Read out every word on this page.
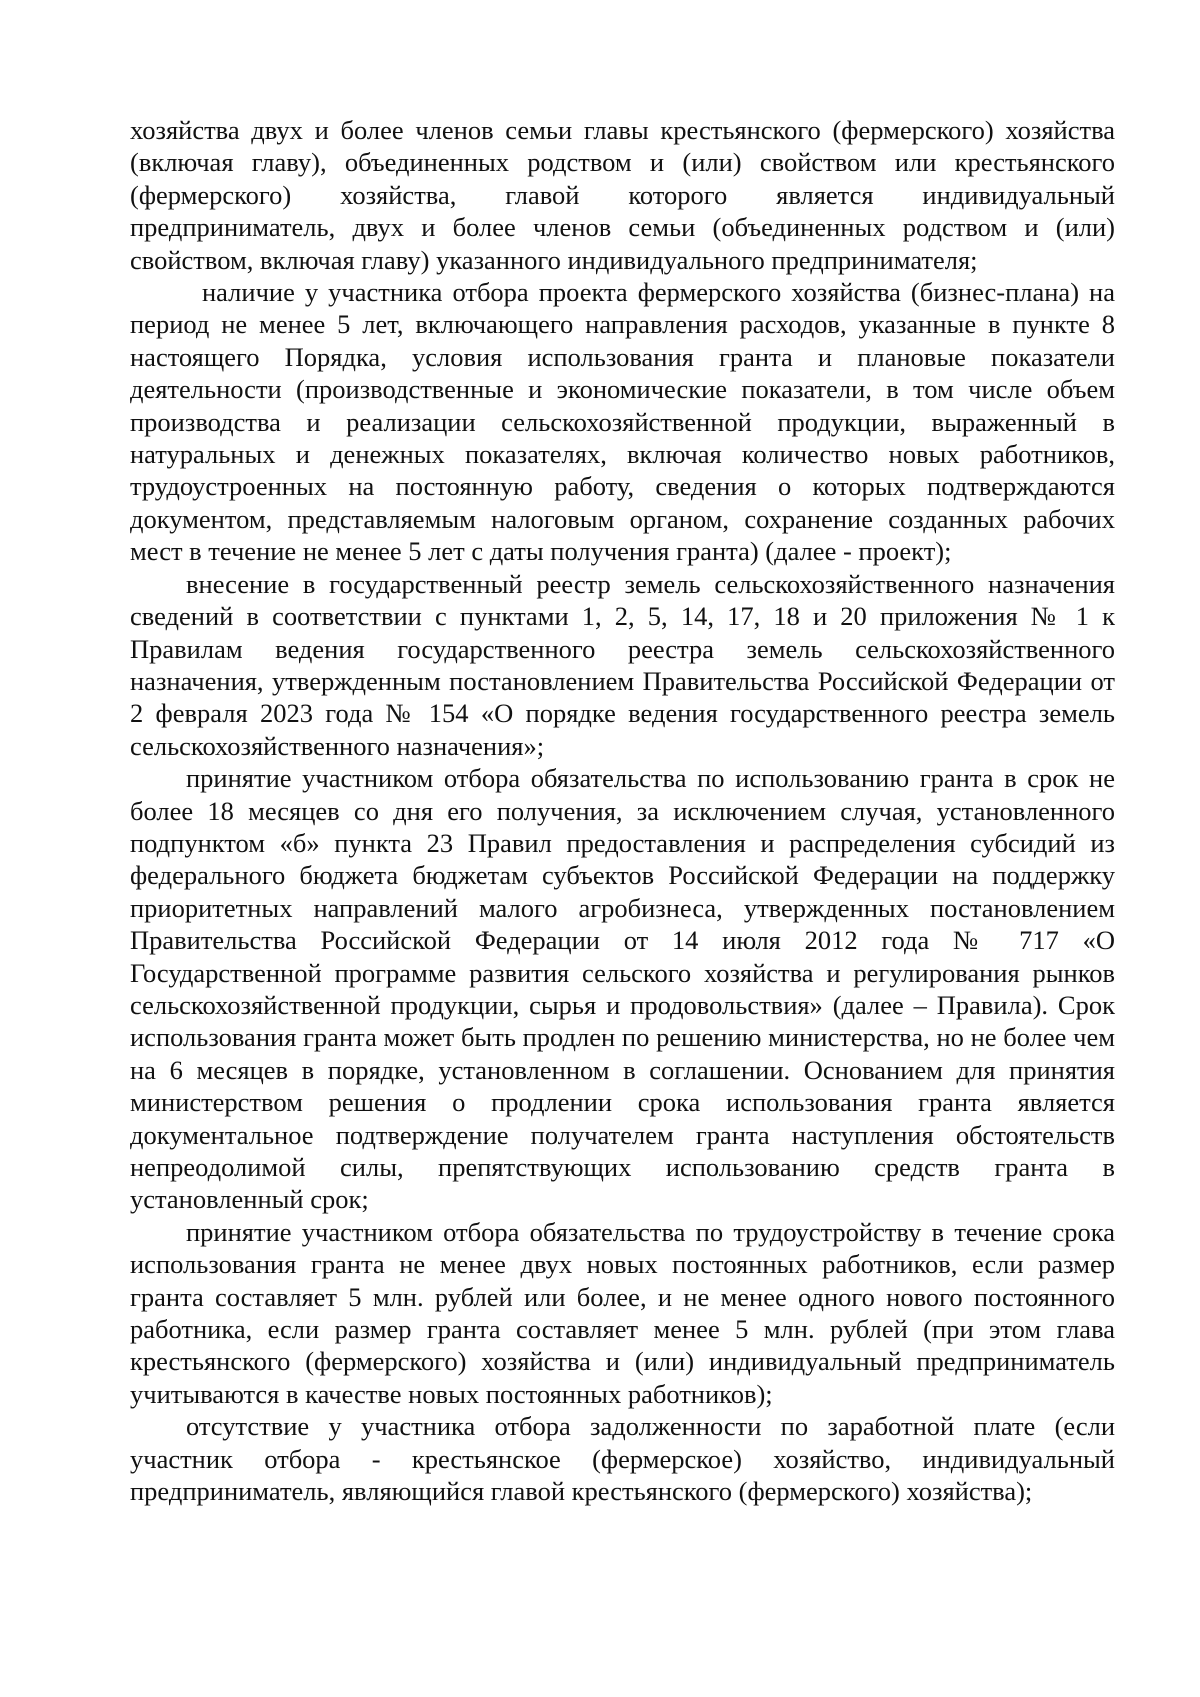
хозяйства двух и более членов семьи главы крестьянского (фермерского) хозяйства (включая главу), объединенных родством и (или) свойством или крестьянского (фермерского) хозяйства, главой которого является индивидуальный предприниматель, двух и более членов семьи (объединенных родством и (или) свойством, включая главу) указанного индивидуального предпринимателя;

наличие у участника отбора проекта фермерского хозяйства (бизнес-плана) на период не менее 5 лет, включающего направления расходов, указанные в пункте 8 настоящего Порядка, условия использования гранта и плановые показатели деятельности (производственные и экономические показатели, в том числе объем производства и реализации сельскохозяйственной продукции, выраженный в натуральных и денежных показателях, включая количество новых работников, трудоустроенных на постоянную работу, сведения о которых подтверждаются документом, представляемым налоговым органом, сохранение созданных рабочих мест в течение не менее 5 лет с даты получения гранта) (далее - проект);

внесение в государственный реестр земель сельскохозяйственного назначения сведений в соответствии с пунктами 1, 2, 5, 14, 17, 18 и 20 приложения № 1 к Правилам ведения государственного реестра земель сельскохозяйственного назначения, утвержденным постановлением Правительства Российской Федерации от 2 февраля 2023 года № 154 «О порядке ведения государственного реестра земель сельскохозяйственного назначения»;

принятие участником отбора обязательства по использованию гранта в срок не более 18 месяцев со дня его получения, за исключением случая, установленного подпунктом «б» пункта 23 Правил предоставления и распределения субсидий из федерального бюджета бюджетам субъектов Российской Федерации на поддержку приоритетных направлений малого агробизнеса, утвержденных постановлением Правительства Российской Федерации от 14 июля 2012 года № 717 «О Государственной программе развития сельского хозяйства и регулирования рынков сельскохозяйственной продукции, сырья и продовольствия» (далее – Правила). Срок использования гранта может быть продлен по решению министерства, но не более чем на 6 месяцев в порядке, установленном в соглашении. Основанием для принятия министерством решения о продлении срока использования гранта является документальное подтверждение получателем гранта наступления обстоятельств непреодолимой силы, препятствующих использованию средств гранта в установленный срок;

принятие участником отбора обязательства по трудоустройству в течение срока использования гранта не менее двух новых постоянных работников, если размер гранта составляет 5 млн. рублей или более, и не менее одного нового постоянного работника, если размер гранта составляет менее 5 млн. рублей (при этом глава крестьянского (фермерского) хозяйства и (или) индивидуальный предприниматель учитываются в качестве новых постоянных работников);

отсутствие у участника отбора задолженности по заработной плате (если участник отбора - крестьянское (фермерское) хозяйство, индивидуальный предприниматель, являющийся главой крестьянского (фермерского) хозяйства);
